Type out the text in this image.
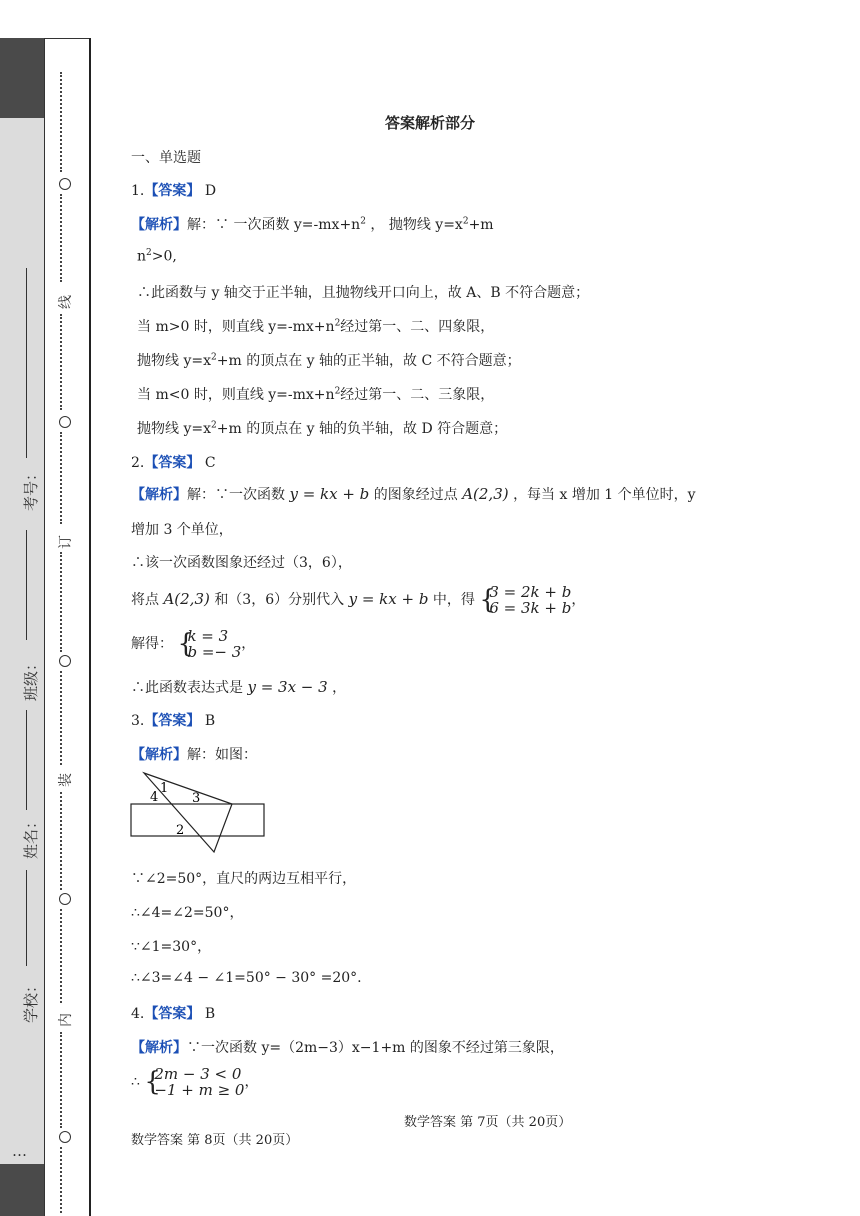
考号：
班级：
姓名：
学校：
…
线
订
装
内
答案解析部分
一、单选题
1.【答案】 D
【解析】解：∵ 一次函数 $y=-mx+n^2$ ， 抛物线 $y=x^2+m$
$n^2>0$,
∴此函数与 y 轴交于正半轴，且抛物线开口向上，故 A、B 不符合题意；
当 m>0 时，则直线 $y=-mx+n^2$经过第一、二、四象限，
抛物线 $y=x^2+m$ 的顶点在 y 轴的正半轴，故 C 不符合题意；
当 m<0 时，则直线 $y=-mx+n^2$经过第一、二、三象限，
抛物线 $y=x^2+m$ 的顶点在 y 轴的负半轴，故 D 符合题意；
2.【答案】 C
【解析】解：∵一次函数 y = kx + b 的图象经过点 A(2,3) ，每当 x 增加 1 个单位时，y
增加 3 个单位，
∴该一次函数图象还经过（3，6），
将点 A(2,3) 和（3，6）分别代入 y = kx + b 中，得 { 3 = 2k + b
6 = 3k + b ，
解得： { k = 3
b =− 3 ，
∴此函数表达式是 y = 3x − 3 ，
3.【答案】 B
【解析】解：如图：
1
4	3
2
∵∠2=50°，直尺的两边互相平行，
∴∠4=∠2=50°，
∵∠1=30°，
∴∠3=∠4 − ∠1=50° − 30° =20°.
4.【答案】 B
【解析】∵一次函数 y=（2m−3）x−1+m 的图象不经过第三象限，
∴ { 2m − 3 < 0
−1 + m ≥ 0 ，
数学答案 第 7页（共 20页）
数学答案 第 8页（共 20页）
